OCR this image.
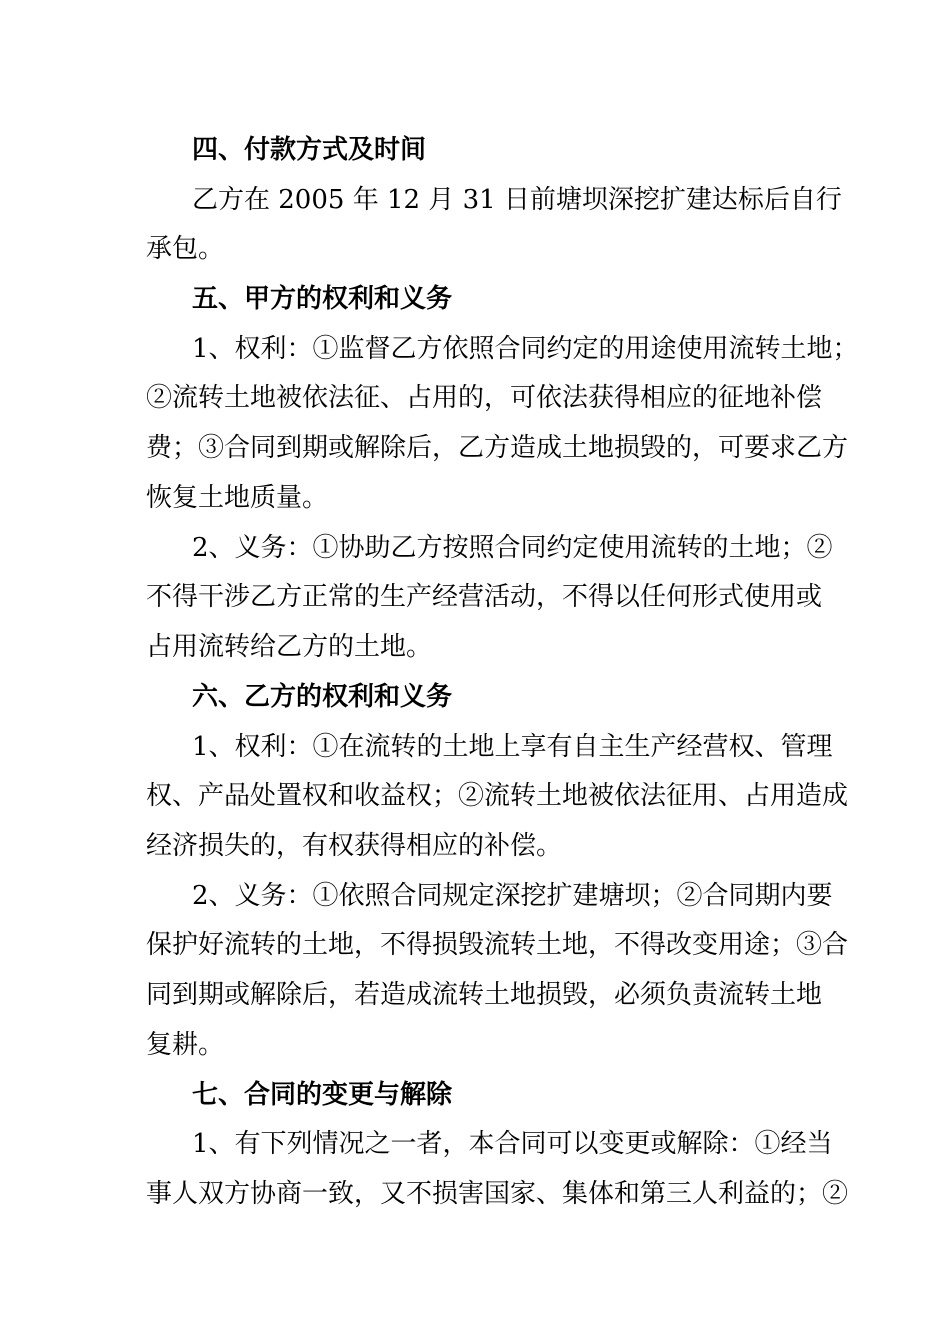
四、付款方式及时间
乙方在 2005 年 12 月 31 日前塘坝深挖扩建达标后自行
承包。
五、甲方的权利和义务
1、权利：①监督乙方依照合同约定的用途使用流转土地；
②流转土地被依法征、占用的，可依法获得相应的征地补偿
费；③合同到期或解除后，乙方造成土地损毁的，可要求乙方
恢复土地质量。
2、义务：①协助乙方按照合同约定使用流转的土地；②
不得干涉乙方正常的生产经营活动，不得以任何形式使用或
占用流转给乙方的土地。
六、乙方的权利和义务
1、权利：①在流转的土地上享有自主生产经营权、管理
权、产品处置权和收益权；②流转土地被依法征用、占用造成
经济损失的，有权获得相应的补偿。
2、义务：①依照合同规定深挖扩建塘坝；②合同期内要
保护好流转的土地，不得损毁流转土地，不得改变用途；③合
同到期或解除后，若造成流转土地损毁，必须负责流转土地
复耕。
七、合同的变更与解除
1、有下列情况之一者，本合同可以变更或解除：①经当
事人双方协商一致，又不损害国家、集体和第三人利益的；②
